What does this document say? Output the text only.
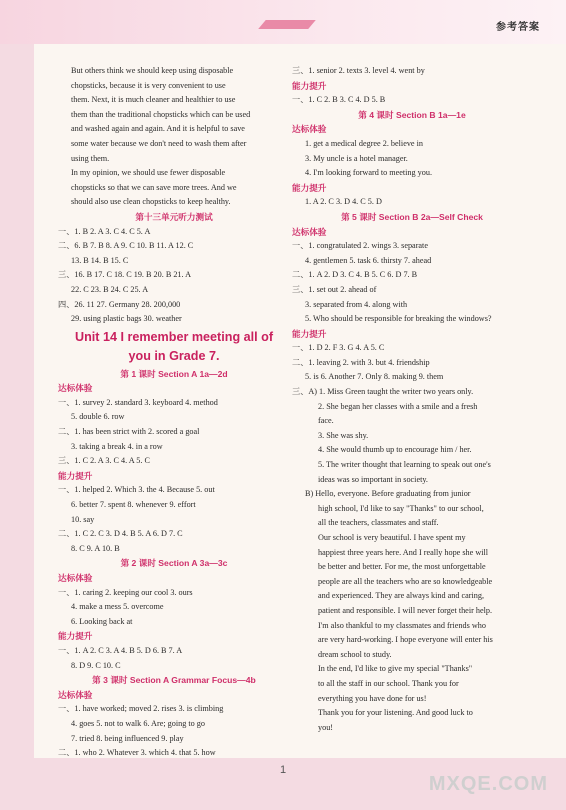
参考答案
But others think we should keep using disposable
chopsticks, because it is very convenient to use
them. Next, it is much cleaner and healthier to use
them than the traditional chopsticks which can be used
and washed again and again. And it is helpful to save
some water because we don't need to wash them after
using them.
In my opinion, we should use fewer disposable
chopsticks so that we can save more trees. And we
should also use clean chopsticks to keep healthy.
第十三单元听力测试
一、1. B 2. A 3. C 4. C 5. A
二、6. B 7. B 8. A 9. C 10. B 11. A 12. C
13. B 14. B 15. C
三、16. B 17. C 18. C 19. B 20. B 21. A
22. C 23. B 24. C 25. A
四、26. 11 27. Germany 28. 200,000
29. using plastic bags 30. weather
Unit 14 I remember meeting all of
you in Grade 7.
第 1 课时 Section A 1a—2d
达标体验
一、1. survey 2. standard 3. keyboard 4. method
5. double 6. row
二、1. has been strict with 2. scored a goal
3. taking a break 4. in a row
三、1. C 2. A 3. C 4. A 5. C
能力提升
一、1. helped 2. Which 3. the 4. Because 5. out
6. better 7. spent 8. whenever 9. effort
10. say
二、1. C 2. C 3. D 4. B 5. A 6. D 7. C
8. C 9. A 10. B
第 2 课时 Section A 3a—3c
达标体验
一、1. caring 2. keeping our cool 3. ours
4. make a mess 5. overcome
6. Looking back at
能力提升
一、1. A 2. C 3. A 4. B 5. D 6. B 7. A
8. D 9. C 10. C
第 3 课时 Section A Grammar Focus—4b
达标体验
一、1. have worked; moved 2. rises 3. is climbing
4. goes 5. not to walk 6. Are; going to go
7. tried 8. being influenced 9. play
二、1. who 2. Whatever 3. which 4. that 5. how
三、1. senior 2. texts 3. level 4. went by
能力提升
一、1. C 2. B 3. C 4. D 5. B
第 4 课时 Section B 1a—1e
达标体验
1. get a medical degree 2. believe in
3. My uncle is a hotel manager.
4. I'm looking forward to meeting you.
能力提升
1. A 2. C 3. D 4. C 5. D
第 5 课时 Section B 2a—Self Check
达标体验
一、1. congratulated 2. wings 3. separate
4. gentlemen 5. task 6. thirsty 7. ahead
二、1. A 2. D 3. C 4. B 5. C 6. D 7. B
三、1. set out 2. ahead of
3. separated from 4. along with
5. Who should be responsible for breaking the windows?
能力提升
一、1. D 2. F 3. G 4. A 5. C
二、1. leaving 2. with 3. but 4. friendship
5. is 6. Another 7. Only 8. making 9. them
三、A) 1. Miss Green taught the writer two years only.
2. She began her classes with a smile and a fresh
face.
3. She was shy.
4. She would thumb up to encourage him / her.
5. The writer thought that learning to speak out one's
ideas was so important in society.
B) Hello, everyone. Before graduating from junior
high school, I'd like to say "Thanks" to our school,
all the teachers, classmates and staff.
Our school is very beautiful. I have spent my
happiest three years here. And I really hope she will
be better and better. For me, the most unforgettable
people are all the teachers who are so knowledgeable
and experienced. They are always kind and caring,
patient and responsible. I will never forget their help.
I'm also thankful to my classmates and friends who
are very hard-working. I hope everyone will enter his
dream school to study.
In the end, I'd like to give my special "Thanks"
to all the staff in our school. Thank you for
everything you have done for us!
Thank you for your listening. And good luck to
you!
1
MXQE.COM
